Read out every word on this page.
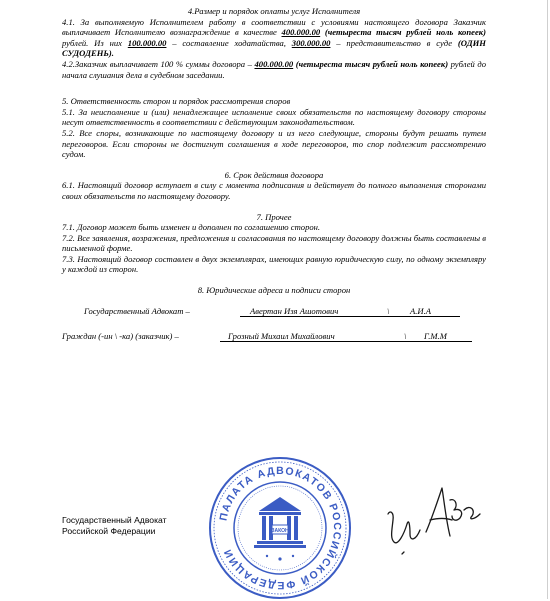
4.Размер и порядок оплаты услуг Исполнителя

4.1. За выполняемую Исполнителем работу в соответствии с условиями настоящего договора Заказчик выплачивает Исполнителю вознаграждение в качестве 400.000.00 (четыреста тысяч рублей ноль копеек) рублей. Из них 100.000.00 – составление ходатайства, 300.000.00 – представительство в суде (ОДИН СУДОДЕНЬ).

4.2.Заказчик выплачивает 100 % суммы договора – 400.000.00 (четыреста тысяч рублей ноль копеек) рублей до начала слушания дела в судебном заседании.

5. Ответственность сторон и порядок рассмотрения споров

5.1. За неисполнение и (или) ненадлежащее исполнение своих обязательств по настоящему договору стороны несут ответственность в соответствии с действующим законодательством.

5.2. Все споры, возникающие по настоящему договору и из него следующие, стороны будут решать путем переговоров. Если стороны не достигнут соглашения в ходе переговоров, то спор подлежит рассмотрению судом.

6. Срок действия договора

6.1. Настоящий договор вступает в силу с момента подписания и действует до полного выполнения сторонами своих обязательств по настоящему договору.

7. Прочее

7.1. Договор может быть изменен и дополнен по соглашению сторон.

7.2. Все заявления, возражения, предложения и согласования по настоящему договору должны быть составлены в письменной форме.

7.3. Настоящий договор составлен в двух экземплярах, имеющих равную юридическую силу, по одному экземпляру у каждой из сторон.

8. Юридические адреса и подписи сторон

Государственный Адвокат –	Авертан Изя Ашотович	\ А.И.А
Граждан (-ин \ -ка) (заказчик) –	Грозный Михаил Михайлович	\ Г.М.М
Государственный Адвокат
Российской Федерации
ПАЛАТА АДВОКАТОВ РОССИЙСКОЙ ФЕДЕРАЦИИ
ЗАКОН
